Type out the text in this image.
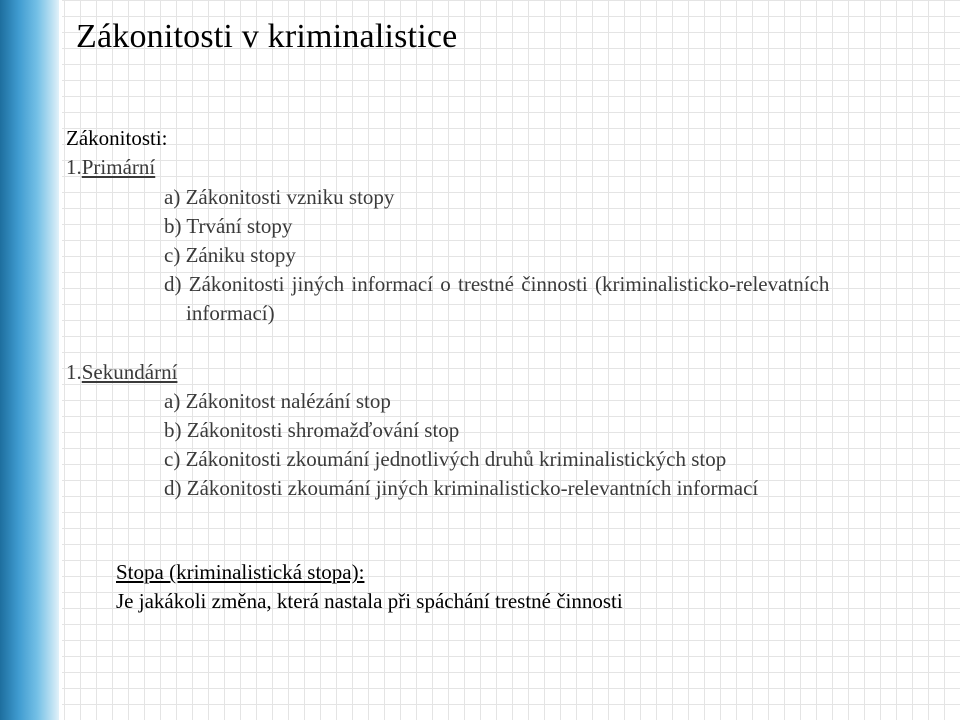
Zákonitosti v kriminalistice
Zákonitosti:
1.Primární
a) Zákonitosti vzniku stopy
b) Trvání stopy
c) Zániku stopy
d) Zákonitosti jiných informací o trestné činnosti (kriminalisticko-relevatních
informací)
1.Sekundární
a) Zákonitost nalézání stop
b) Zákonitosti shromažďování stop
c) Zákonitosti zkoumání jednotlivých druhů kriminalistických stop
d) Zákonitosti zkoumání jiných kriminalisticko-relevantních informací
Stopa (kriminalistická stopa):
Je jakákoli změna, která nastala při spáchání trestné činnosti
